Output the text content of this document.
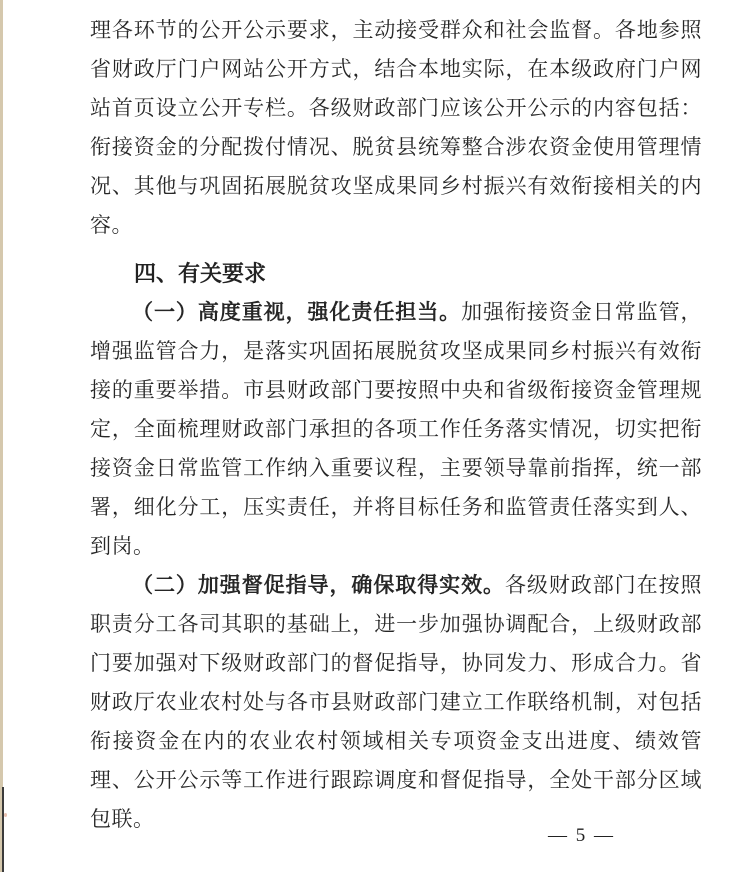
理各环节的公开公示要求，主动接受群众和社会监督。各地参照省财政厅门户网站公开方式，结合本地实际，在本级政府门户网站首页设立公开专栏。各级财政部门应该公开公示的内容包括：衔接资金的分配拨付情况、脱贫县统筹整合涉农资金使用管理情况、其他与巩固拓展脱贫攻坚成果同乡村振兴有效衔接相关的内容。

四、有关要求

（一）高度重视，强化责任担当。加强衔接资金日常监管，增强监管合力，是落实巩固拓展脱贫攻坚成果同乡村振兴有效衔接的重要举措。市县财政部门要按照中央和省级衔接资金管理规定，全面梳理财政部门承担的各项工作任务落实情况，切实把衔接资金日常监管工作纳入重要议程，主要领导靠前指挥，统一部署，细化分工，压实责任，并将目标任务和监管责任落实到人、到岗。

（二）加强督促指导，确保取得实效。各级财政部门在按照职责分工各司其职的基础上，进一步加强协调配合，上级财政部门要加强对下级财政部门的督促指导，协同发力、形成合力。省财政厅农业农村处与各市县财政部门建立工作联络机制，对包括衔接资金在内的农业农村领域相关专项资金支出进度、绩效管理、公开公示等工作进行跟踪调度和督促指导，全处干部分区域包联。

— 5 —
